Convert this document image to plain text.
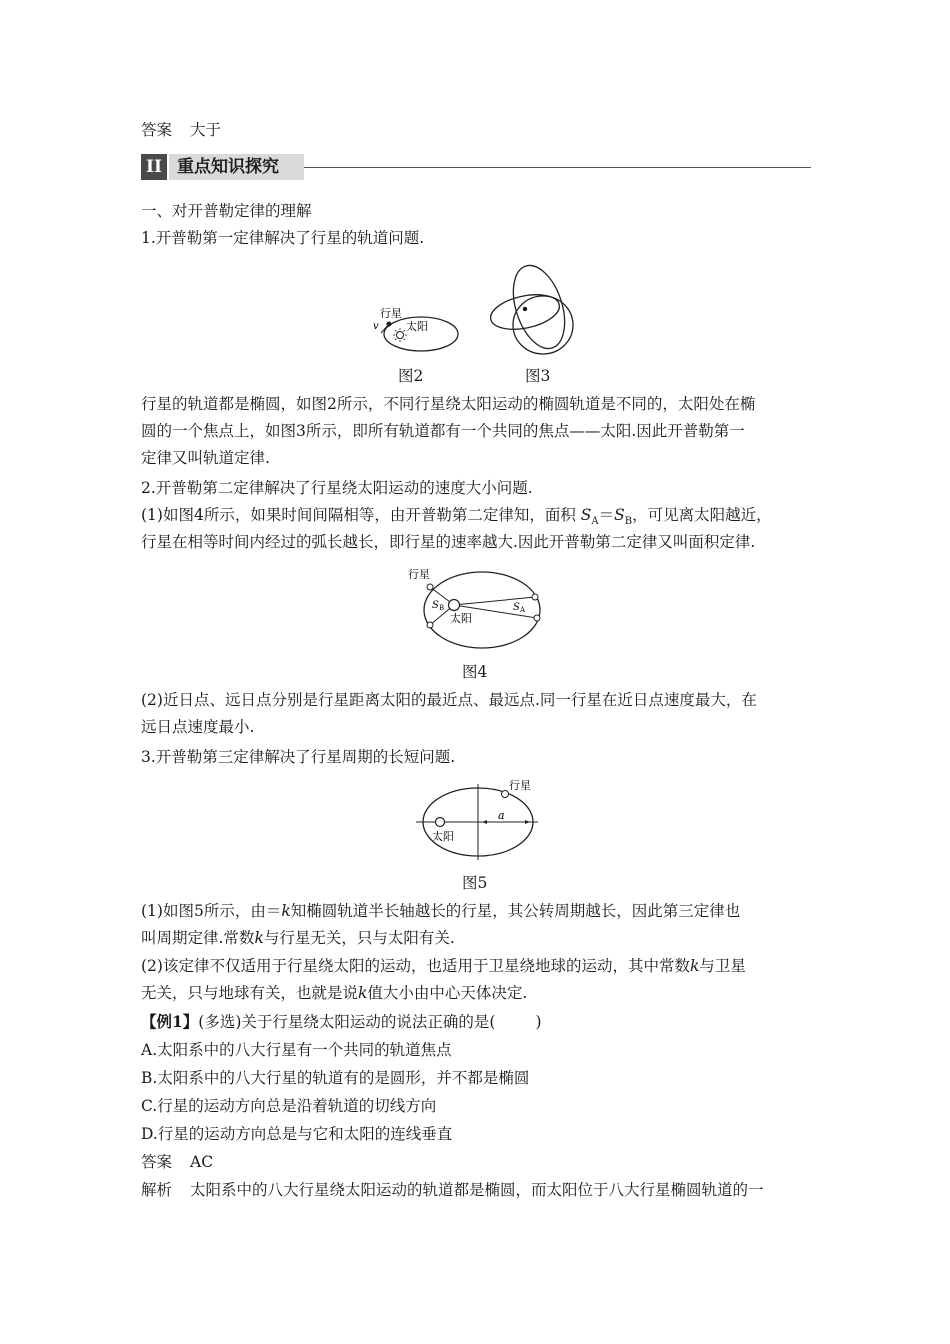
答案 大于
II 重点知识探究
一、对开普勒定律的理解
1.开普勒第一定律解决了行星的轨道问题.
行星
v 太阳
图2	图3
行星的轨道都是椭圆，如图2所示，不同行星绕太阳运动的椭圆轨道是不同的，太阳处在椭
圆的一个焦点上，如图3所示，即所有轨道都有一个共同的焦点——太阳.因此开普勒第一
定律又叫轨道定律.
2.开普勒第二定律解决了行星绕太阳运动的速度大小问题.
(1)如图4所示，如果时间间隔相等，由开普勒第二定律知，面积 $S_A=S_B$，可见离太阳越近，
行星在相等时间内经过的弧长越长，即行星的速率越大.因此开普勒第二定律又叫面积定律.
行星
S B	S A
太阳
图4
(2)近日点、远日点分别是行星距离太阳的最近点、最远点.同一行星在近日点速度最大，在
远日点速度最小.
3.开普勒第三定律解决了行星周期的长短问题.
行星
a
太阳
图5
(1)如图5所示，由＝k知椭圆轨道半长轴越长的行星，其公转周期越长，因此第三定律也
叫周期定律.常数k与行星无关，只与太阳有关.
(2)该定律不仅适用于行星绕太阳的运动，也适用于卫星绕地球的运动，其中常数k与卫星
无关，只与地球有关，也就是说k值大小由中心天体决定.
【例1】(多选)关于行星绕太阳运动的说法正确的是(	)
A.太阳系中的八大行星有一个共同的轨道焦点
B.太阳系中的八大行星的轨道有的是圆形，并不都是椭圆
C.行星的运动方向总是沿着轨道的切线方向
D.行星的运动方向总是与它和太阳的连线垂直
答案 AC
解析 太阳系中的八大行星绕太阳运动的轨道都是椭圆，而太阳位于八大行星椭圆轨道的一
